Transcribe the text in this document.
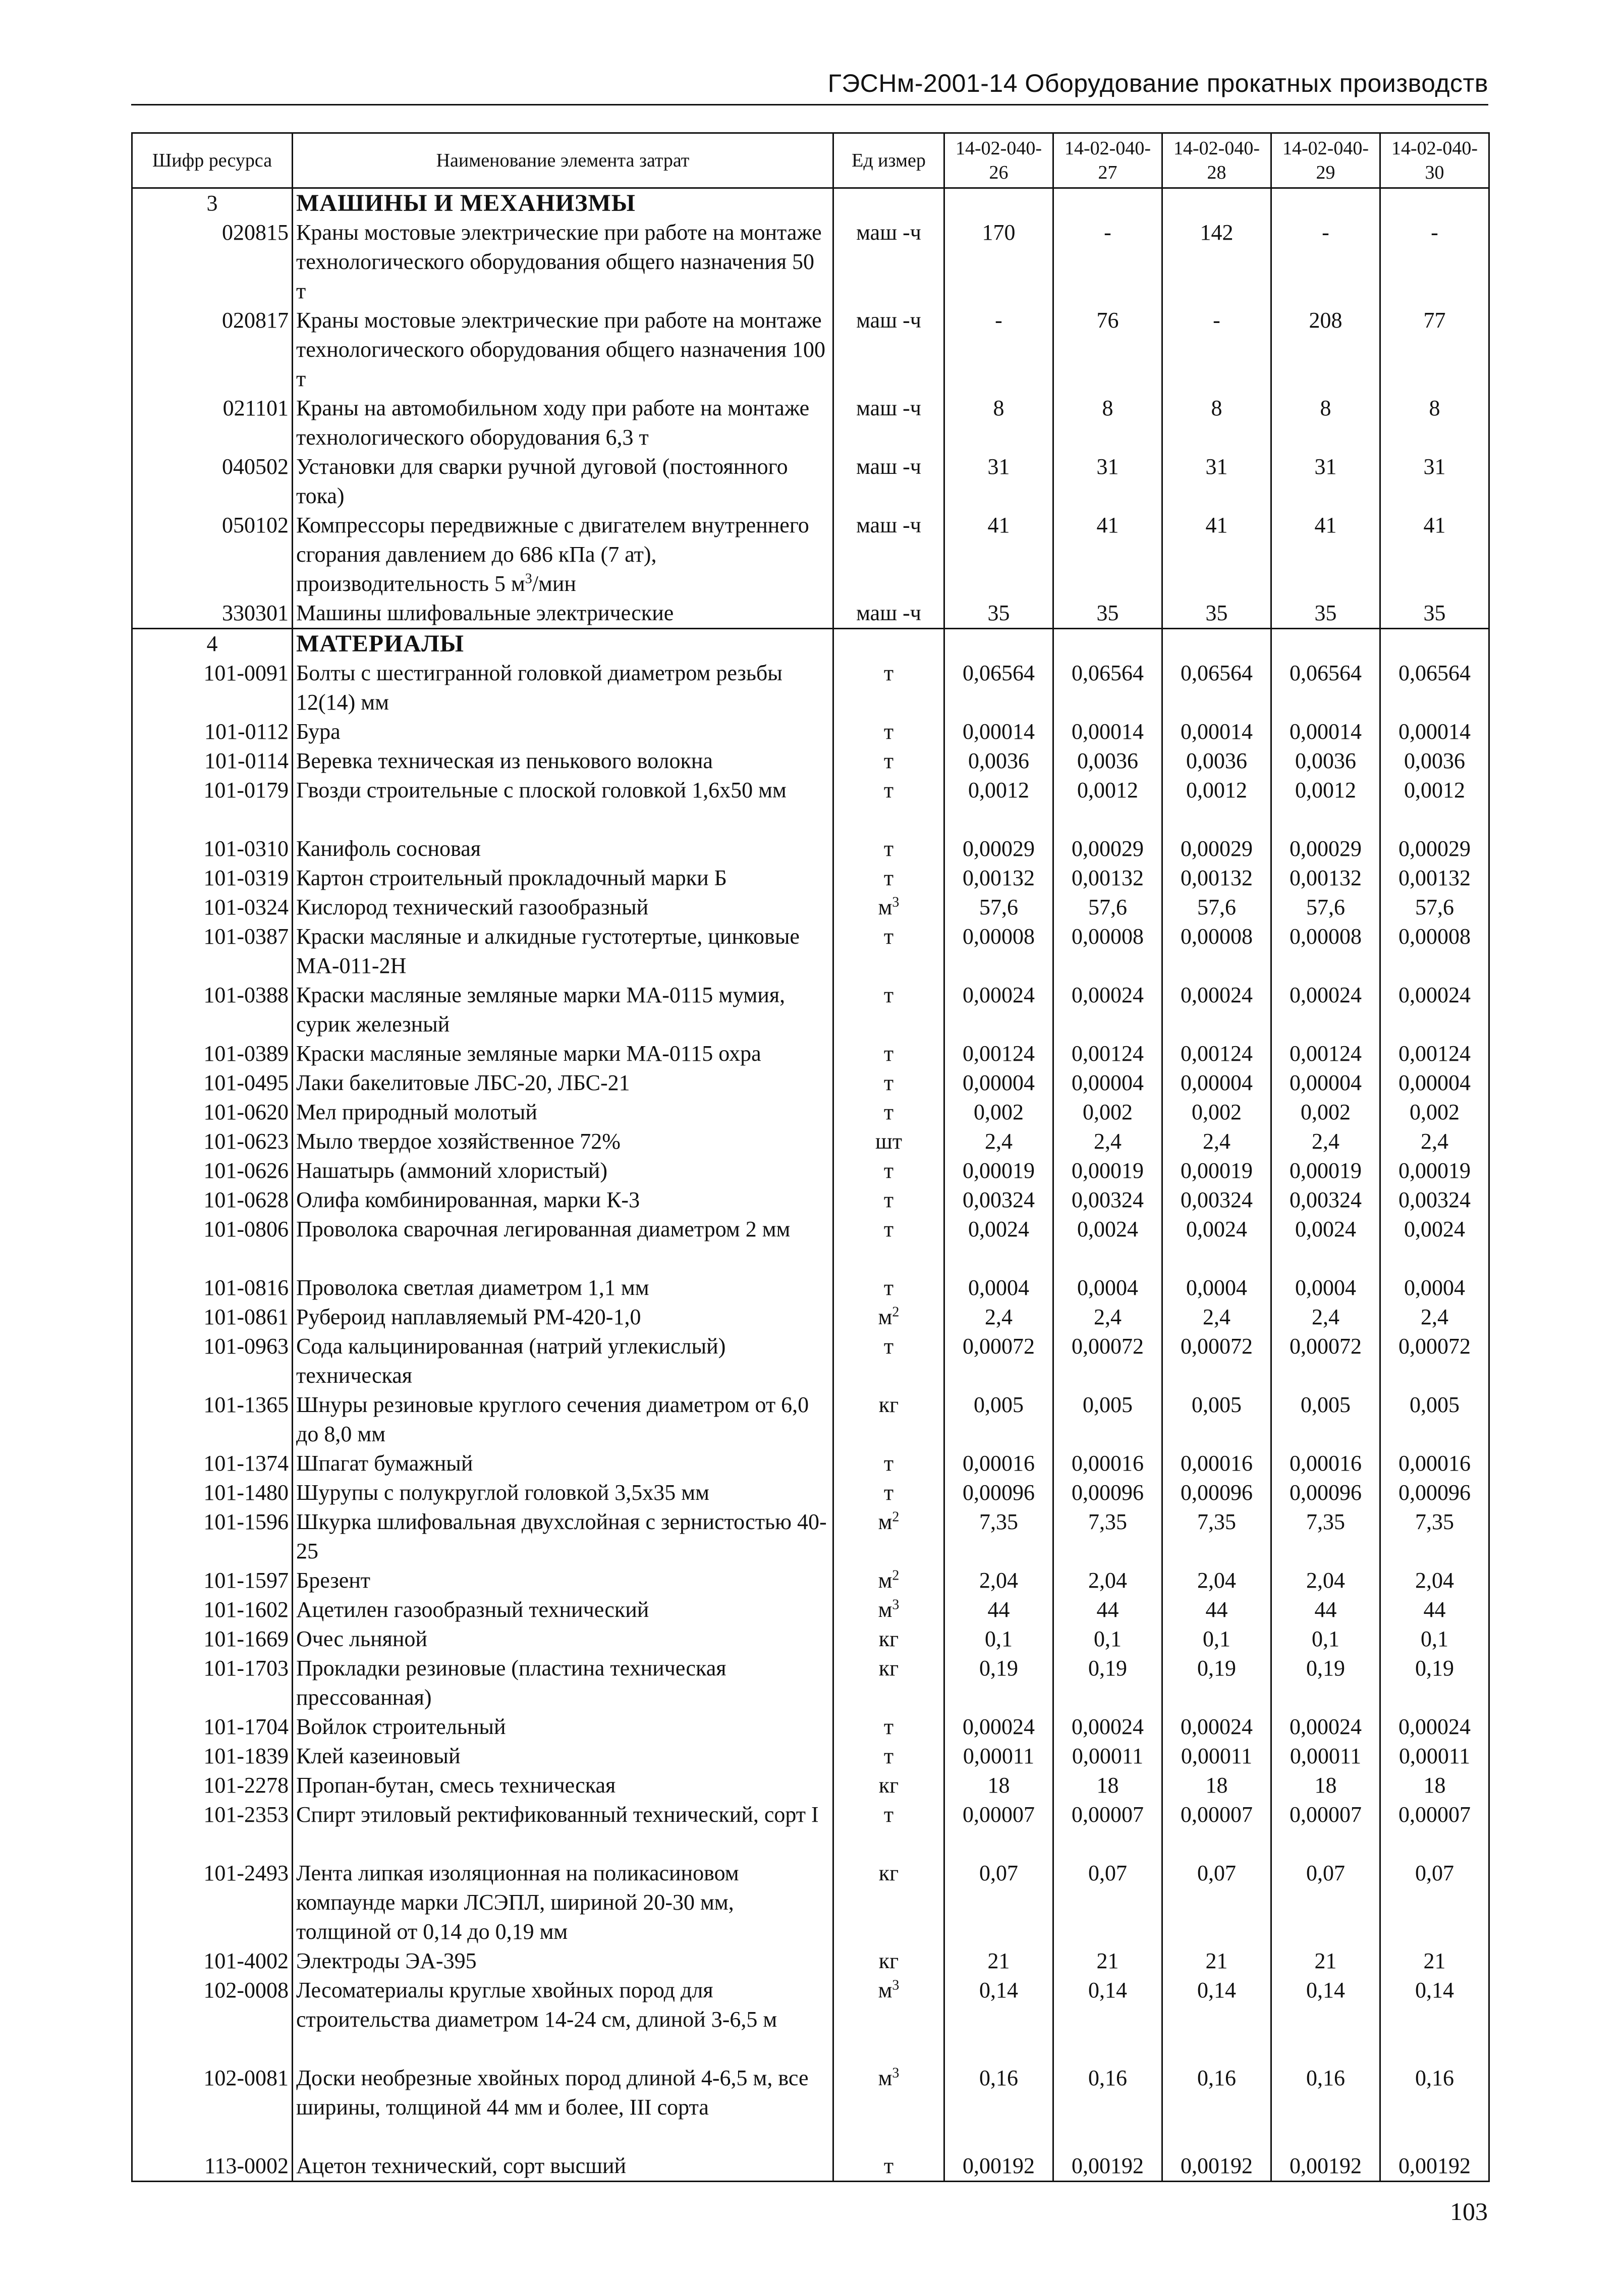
ГЭСНм-2001-14 Оборудование прокатных производств
Шифр ресурса	Наименование элемента затрат	Ед измер	14-02-040-26	14-02-040-27	14-02-040-28	14-02-040-29	14-02-040-30
3	МАШИНЫ И МЕХАНИЗМЫ						
020815	Краны мостовые электрические при работе на монтаже технологического оборудования общего назначения 50 т	маш -ч	170	-	142	-	-
020817	Краны мостовые электрические при работе на монтаже технологического оборудования общего назначения 100 т	маш -ч	-	76	-	208	77
021101	Краны на автомобильном ходу при работе на монтаже технологического оборудования 6,3 т	маш -ч	8	8	8	8	8
040502	Установки для сварки ручной дуговой (постоянного тока)	маш -ч	31	31	31	31	31
050102	Компрессоры передвижные с двигателем внутреннего сгорания давлением до 686 кПа (7 ат), производительность 5 $м^3$/мин	маш -ч	41	41	41	41	41
330301	Машины шлифовальные электрические	маш -ч	35	35	35	35	35
4	МАТЕРИАЛЫ						
101-0091	Болты с шестигранной головкой диаметром резьбы 12(14) мм	т	0,06564	0,06564	0,06564	0,06564	0,06564
101-0112	Бура	т	0,00014	0,00014	0,00014	0,00014	0,00014
101-0114	Веревка техническая из пенькового волокна	т	0,0036	0,0036	0,0036	0,0036	0,0036
101-0179	Гвозди строительные с плоской головкой 1,6х50 мм	т	0,0012	0,0012	0,0012	0,0012	0,0012
101-0310	Канифоль сосновая	т	0,00029	0,00029	0,00029	0,00029	0,00029
101-0319	Картон строительный прокладочный марки Б	т	0,00132	0,00132	0,00132	0,00132	0,00132
101-0324	Кислород технический газообразный	$м^3$	57,6	57,6	57,6	57,6	57,6
101-0387	Краски масляные и алкидные густотертые, цинковые МА-011-2Н	т	0,00008	0,00008	0,00008	0,00008	0,00008
101-0388	Краски масляные земляные марки МА-0115 мумия, сурик железный	т	0,00024	0,00024	0,00024	0,00024	0,00024
101-0389	Краски масляные земляные марки МА-0115 охра	т	0,00124	0,00124	0,00124	0,00124	0,00124
101-0495	Лаки бакелитовые ЛБС-20, ЛБС-21	т	0,00004	0,00004	0,00004	0,00004	0,00004
101-0620	Мел природный молотый	т	0,002	0,002	0,002	0,002	0,002
101-0623	Мыло твердое хозяйственное 72%	шт	2,4	2,4	2,4	2,4	2,4
101-0626	Нашатырь (аммоний хлористый)	т	0,00019	0,00019	0,00019	0,00019	0,00019
101-0628	Олифа комбинированная, марки К-3	т	0,00324	0,00324	0,00324	0,00324	0,00324
101-0806	Проволока сварочная легированная диаметром 2 мм	т	0,0024	0,0024	0,0024	0,0024	0,0024
101-0816	Проволока светлая диаметром 1,1 мм	т	0,0004	0,0004	0,0004	0,0004	0,0004
101-0861	Рубероид наплавляемый РМ-420-1,0	$м^2$	2,4	2,4	2,4	2,4	2,4
101-0963	Сода кальцинированная (натрий углекислый) техническая	т	0,00072	0,00072	0,00072	0,00072	0,00072
101-1365	Шнуры резиновые круглого сечения диаметром от 6,0 до 8,0 мм	кг	0,005	0,005	0,005	0,005	0,005
101-1374	Шпагат бумажный	т	0,00016	0,00016	0,00016	0,00016	0,00016
101-1480	Шурупы с полукруглой головкой 3,5х35 мм	т	0,00096	0,00096	0,00096	0,00096	0,00096
101-1596	Шкурка шлифовальная двухслойная с зернистостью 40-25	$м^2$	7,35	7,35	7,35	7,35	7,35
101-1597	Брезент	$м^2$	2,04	2,04	2,04	2,04	2,04
101-1602	Ацетилен газообразный технический	$м^3$	44	44	44	44	44
101-1669	Очес льняной	кг	0,1	0,1	0,1	0,1	0,1
101-1703	Прокладки резиновые (пластина техническая прессованная)	кг	0,19	0,19	0,19	0,19	0,19
101-1704	Войлок строительный	т	0,00024	0,00024	0,00024	0,00024	0,00024
101-1839	Клей казеиновый	т	0,00011	0,00011	0,00011	0,00011	0,00011
101-2278	Пропан-бутан, смесь техническая	кг	18	18	18	18	18
101-2353	Спирт этиловый ректификованный технический, сорт I	т	0,00007	0,00007	0,00007	0,00007	0,00007
101-2493	Лента липкая изоляционная на поликасиновом компаунде марки ЛСЭПЛ, шириной 20-30 мм, толщиной от 0,14 до 0,19 мм	кг	0,07	0,07	0,07	0,07	0,07
101-4002	Электроды ЭА-395	кг	21	21	21	21	21
102-0008	Лесоматериалы круглые хвойных пород для строительства диаметром 14-24 см, длиной 3-6,5 м	$м^3$	0,14	0,14	0,14	0,14	0,14
102-0081	Доски необрезные хвойных пород длиной 4-6,5 м, все ширины, толщиной 44 мм и более, III сорта	$м^3$	0,16	0,16	0,16	0,16	0,16
113-0002	Ацетон технический, сорт высший	т	0,00192	0,00192	0,00192	0,00192	0,00192
103
